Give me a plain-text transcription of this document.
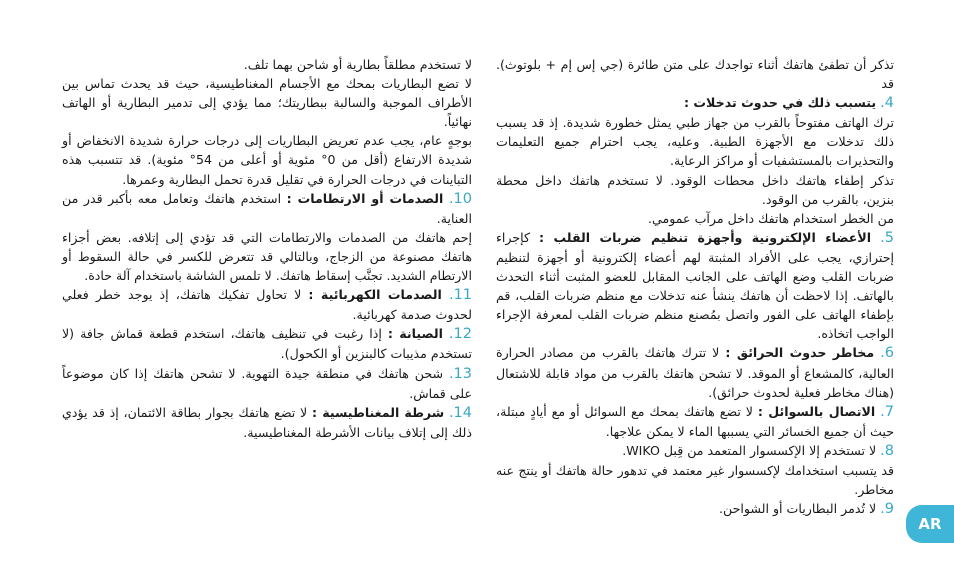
تذكر أن تطفئ هاتفك أثناء تواجدك على متن طائرة (جي إس إم + بلوتوث). قد

4. يتسبب ذلك في حدوث تدخلات :

ترك الهاتف مفتوحاً بالقرب من جهاز طبي يمثل خطورة شديدة. إذ قد يسبب ذلك تدخلات مع الأجهزة الطبية. وعليه، يجب احترام جميع التعليمات والتحذيرات بالمستشفيات أو مراكز الرعاية.

تذكر إطفاء هاتفك داخل محطات الوقود. لا تستخدم هاتفك داخل محطة بنزين، بالقرب من الوقود.

من الخطر استخدام هاتفك داخل مرآب عمومي.

5. الأعضاء الإلكترونية وأجهزة تنظيم ضربات القلب : كإجراء إحترازي، يجب على الأفراد المثبتة لهم أعضاء إلكترونية أو أجهزة لتنظيم ضربات القلب وضع الهاتف على الجانب المقابل للعضو المثبت أثناء التحدث بالهاتف. إذا لاحظت أن هاتفك ينشأ عنه تدخلات مع منظم ضربات القلب، قم بإطفاء الهاتف على الفور واتصل بمُصنع منظم ضربات القلب لمعرفة الإجراء الواجب اتخاذه.

6. مخاطر حدوث الحرائق : لا تترك هاتفك بالقرب من مصادر الحرارة العالية، كالمشعاع أو الموقد. لا تشحن هاتفك بالقرب من مواد قابلة للاشتعال (هناك مخاطر فعلية لحدوث حرائق).

7. الاتصال بالسوائل : لا تضع هاتفك بمحك مع السوائل أو مع أيادٍ مبتلة، حيث أن جميع الخسائر التي يسببها الماء لا يمكن علاجها.

8. لا تستخدم إلا الإكسسوار المتعمد من قِبل WIKO.

قد يتسبب استخدامك لإكسسوار غير معتمد في تدهور حالة هاتفك أو ينتج عنه مخاطر.

9. لا تُدمر البطاريات أو الشواحن.

لا تستخدم مطلقاً بطارية أو شاحن بهما تلف.

لا تضع البطاريات بمحك مع الأجسام المغناطيسية، حيث قد يحدث تماس بين الأطراف الموجبة والسالبة ببطاريتك؛ مما يؤدي إلى تدمير البطارية أو الهاتف نهائياً.

بوجهٍ عام، يجب عدم تعريض البطاريات إلى درجات حرارة شديدة الانخفاض أو شديدة الارتفاع (أقل من 0° مئوية أو أعلى من 54° مئوية). قد تتسبب هذه التباينات في درجات الحرارة في تقليل قدرة تحمل البطارية وعمرها.

10. الصدمات أو الارتطامات : استخدم هاتفك وتعامل معه بأكبر قدر من العناية.

إحم هاتفك من الصدمات والارتطامات التي قد تؤدي إلى إتلافه. بعض أجزاء هاتفك مصنوعة من الزجاج، وبالتالي قد تتعرض للكسر في حالة السقوط أو الارتطام الشديد. تجنَّب إسقاط هاتفك. لا تلمس الشاشة باستخدام آلة حادة.

11. الصدمات الكهربائية : لا تحاول تفكيك هاتفك، إذ يوجد خطر فعلي لحدوث صدمة كهربائية.

12. الصيانة : إذا رغبت في تنظيف هاتفك، استخدم قطعة قماش جافة (لا تستخدم مذيبات كالبنزين أو الكحول).

13. شحن هاتفك في منطقة جيدة التهوية. لا تشحن هاتفك إذا كان موضوعاً على قماش.

14. شرطة المغناطيسية : لا تضع هاتفك بجوار بطاقة الائتمان، إذ قد يؤدي ذلك إلى إتلاف بيانات الأشرطة المغناطيسية.

AR
